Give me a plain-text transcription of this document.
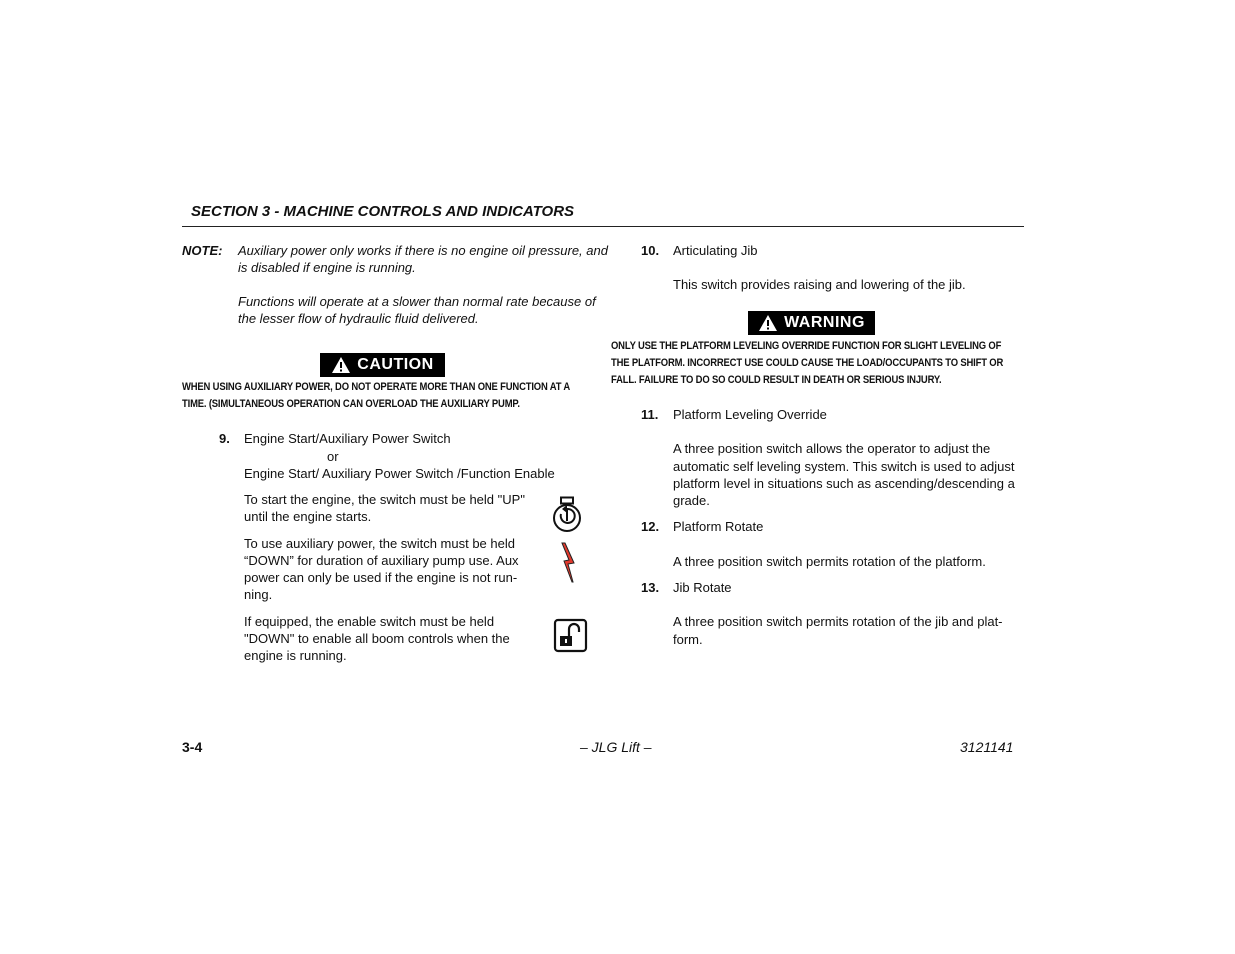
SECTION 3 - MACHINE CONTROLS AND INDICATORS
NOTE: Auxiliary power only works if there is no engine oil pressure, and
is disabled if engine is running.
Functions will operate at a slower than normal rate because of
the lesser flow of hydraulic fluid delivered.
CAUTION
WHEN USING AUXILIARY POWER, DO NOT OPERATE MORE THAN ONE FUNCTION AT A
TIME. (SIMULTANEOUS OPERATION CAN OVERLOAD THE AUXILIARY PUMP.
9. Engine Start/Auxiliary Power Switch
or
Engine Start/ Auxiliary Power Switch /Function Enable
To start the engine, the switch must be held "UP"
until the engine starts.
To use auxiliary power, the switch must be held
“DOWN” for duration of auxiliary pump use. Aux
power can only be used if the engine is not run-
ning.
If equipped, the enable switch must be held
"DOWN" to enable all boom controls when the
engine is running.
10. Articulating Jib
This switch provides raising and lowering of the jib.
WARNING
ONLY USE THE PLATFORM LEVELING OVERRIDE FUNCTION FOR SLIGHT LEVELING OF
THE PLATFORM. INCORRECT USE COULD CAUSE THE LOAD/OCCUPANTS TO SHIFT OR
FALL. FAILURE TO DO SO COULD RESULT IN DEATH OR SERIOUS INJURY.
11. Platform Leveling Override
A three position switch allows the operator to adjust the
automatic self leveling system. This switch is used to adjust
platform level in situations such as ascending/descending a
grade.
12. Platform Rotate
A three position switch permits rotation of the platform.
13. Jib Rotate
A three position switch permits rotation of the jib and plat-
form.
3-4	– JLG Lift –	3121141
